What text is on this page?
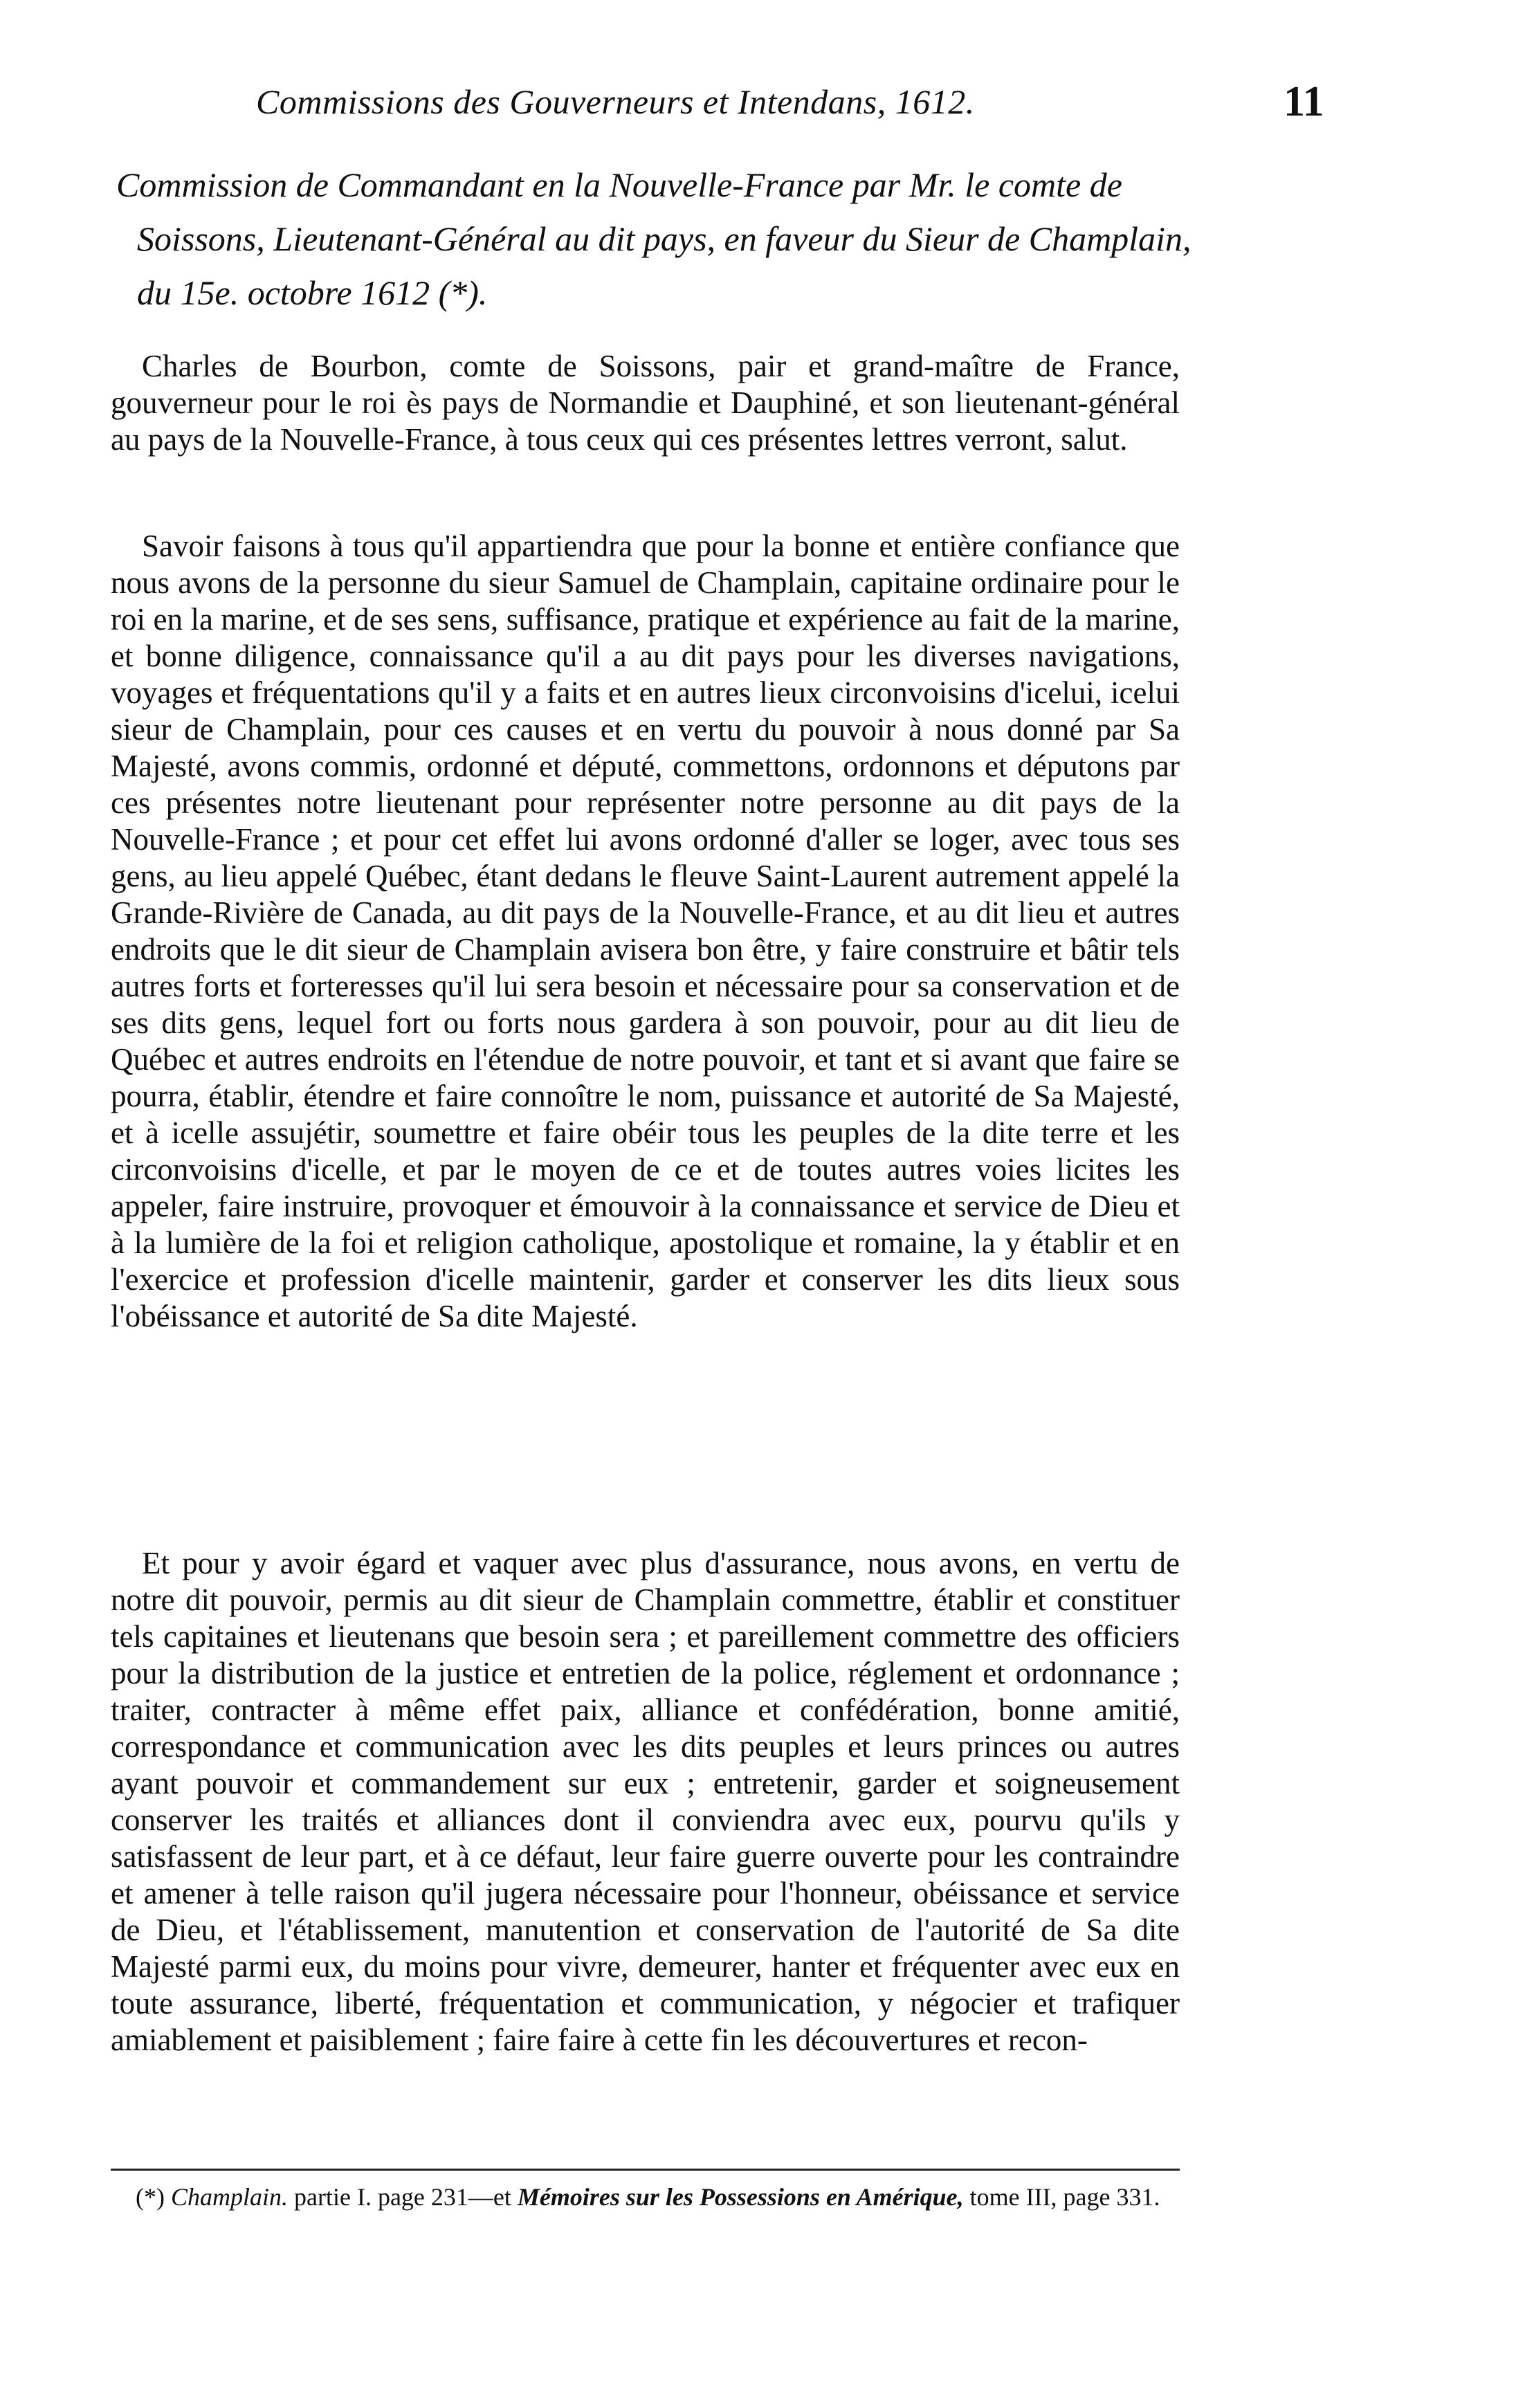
Commissions des Gouverneurs et Intendans, 1612.	11
Commission de Commandant en la Nouvelle-France par Mr. le comte de Soissons, Lieutenant-Général au dit pays, en faveur du Sieur de Champlain, du 15e. octobre 1612 (*).

Charles de Bourbon, comte de Soissons, pair et grand-maître de France, gouverneur pour le roi ès pays de Normandie et Dauphiné, et son lieutenant-général au pays de la Nouvelle-France, à tous ceux qui ces présentes lettres verront, salut.

Savoir faisons à tous qu'il appartiendra que pour la bonne et entière confiance que nous avons de la personne du sieur Samuel de Champlain, capitaine ordinaire pour le roi en la marine, et de ses sens, suffisance, pratique et expérience au fait de la marine, et bonne diligence, connaissance qu'il a au dit pays pour les diverses navigations, voyages et fréquentations qu'il y a faits et en autres lieux circonvoisins d'icelui, icelui sieur de Champlain, pour ces causes et en vertu du pouvoir à nous donné par Sa Majesté, avons commis, ordonné et député, commettons, ordonnons et députons par ces présentes notre lieutenant pour représenter notre personne au dit pays de la Nouvelle-France ; et pour cet effet lui avons ordonné d'aller se loger, avec tous ses gens, au lieu appelé Québec, étant dedans le fleuve Saint-Laurent autrement appelé la Grande-Rivière de Canada, au dit pays de la Nouvelle-France, et au dit lieu et autres endroits que le dit sieur de Champlain avisera bon être, y faire construire et bâtir tels autres forts et forteresses qu'il lui sera besoin et nécessaire pour sa conservation et de ses dits gens, lequel fort ou forts nous gardera à son pouvoir, pour au dit lieu de Québec et autres endroits en l'étendue de notre pouvoir, et tant et si avant que faire se pourra, établir, étendre et faire connoître le nom, puissance et autorité de Sa Majesté, et à icelle assujétir, soumettre et faire obéir tous les peuples de la dite terre et les circonvoisins d'icelle, et par le moyen de ce et de toutes autres voies licites les appeler, faire instruire, provoquer et émouvoir à la connaissance et service de Dieu et à la lumière de la foi et religion catholique, apostolique et romaine, la y établir et en l'exercice et profession d'icelle maintenir, garder et conserver les dits lieux sous l'obéissance et autorité de Sa dite Majesté.

Et pour y avoir égard et vaquer avec plus d'assurance, nous avons, en vertu de notre dit pouvoir, permis au dit sieur de Champlain commettre, établir et constituer tels capitaines et lieutenans que besoin sera ; et pareillement commettre des officiers pour la distribution de la justice et entretien de la police, réglement et ordonnance ; traiter, contracter à même effet paix, alliance et confédération, bonne amitié, correspondance et communication avec les dits peuples et leurs princes ou autres ayant pouvoir et commandement sur eux ; entretenir, garder et soigneusement conserver les traités et alliances dont il conviendra avec eux, pourvu qu'ils y satisfassent de leur part, et à ce défaut, leur faire guerre ouverte pour les contraindre et amener à telle raison qu'il jugera nécessaire pour l'honneur, obéissance et service de Dieu, et l'établissement, manutention et conservation de l'autorité de Sa dite Majesté parmi eux, du moins pour vivre, demeurer, hanter et fréquenter avec eux en toute assurance, liberté, fréquentation et communication, y négocier et trafiquer amiablement et paisiblement ; faire faire à cette fin les découvertures et recon-

(*) Champlain. partie I. page 231—et Mémoires sur les Possessions en Amérique, tome III, page 331.
